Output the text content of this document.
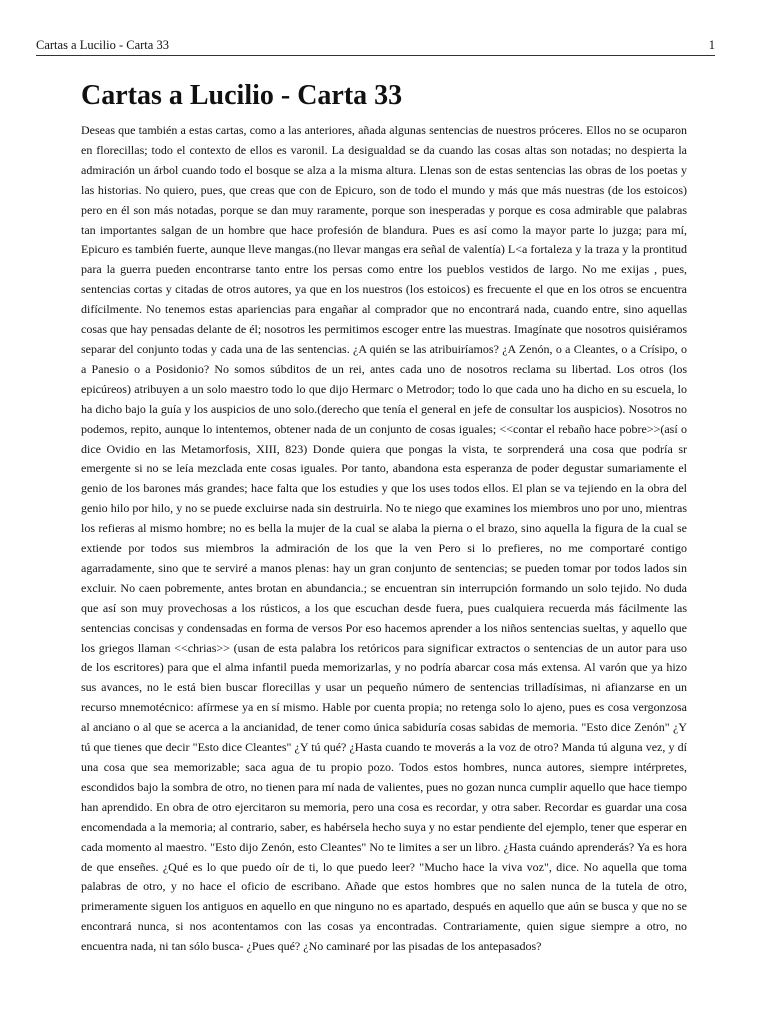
Cartas a Lucilio - Carta 33	1
Cartas a Lucilio - Carta 33

Deseas que también a estas cartas, como a las anteriores, añada algunas sentencias de nuestros próceres. Ellos no se ocuparon en florecillas; todo el contexto de ellos es varonil. La desigualdad se da cuando las cosas altas son notadas; no despierta la admiración un árbol cuando todo el bosque se alza a la misma altura. Llenas son de estas sentencias las obras de los poetas y las historias. No quiero, pues, que creas que con de Epicuro, son de todo el mundo y más que más nuestras (de los estoicos) pero en él son más notadas, porque se dan muy raramente, porque son inesperadas y porque es cosa admirable que palabras tan importantes salgan de un hombre que hace profesión de blandura. Pues es así como la mayor parte lo juzga; para mí, Epicuro es también fuerte, aunque lleve mangas.(no llevar mangas era señal de valentía) L<a fortaleza y la traza y la prontitud para la guerra pueden encontrarse tanto entre los persas como entre los pueblos vestidos de largo. No me exijas , pues, sentencias cortas y citadas de otros autores, ya que en los nuestros (los estoicos) es frecuente el que en los otros se encuentra difícilmente. No tenemos estas apariencias para engañar al comprador que no encontrará nada, cuando entre, sino aquellas cosas que hay pensadas delante de él; nosotros les permitimos escoger entre las muestras. Imagínate que nosotros quisiéramos separar del conjunto todas y cada una de las sentencias. ¿A quién se las atribuiríamos? ¿A Zenón, o a Cleantes, o a Crísipo, o a Panesio o a Posidonio? No somos súbditos de un rei, antes cada uno de nosotros reclama su libertad. Los otros (los epicúreos) atribuyen a un solo maestro todo lo que dijo Hermarc o Metrodor; todo lo que cada uno ha dicho en su escuela, lo ha dicho bajo la guía y los auspicios de uno solo.(derecho que tenía el general en jefe de consultar los auspicios). Nosotros no podemos, repito, aunque lo intentemos, obtener nada de un conjunto de cosas iguales; <<contar el rebaño hace pobre>>(así o dice Ovidio en las Metamorfosis, XIII, 823) Donde quiera que pongas la vista, te sorprenderá una cosa que podría sr emergente si no se leía mezclada ente cosas iguales. Por tanto, abandona esta esperanza de poder degustar sumariamente el genio de los barones más grandes; hace falta que los estudies y que los uses todos ellos. El plan se va tejiendo en la obra del genio hilo por hilo, y no se puede excluirse nada sin destruirla. No te niego que examines los miembros uno por uno, mientras los refieras al mismo hombre; no es bella la mujer de la cual se alaba la pierna o el brazo, sino aquella la figura de la cual se extiende por todos sus miembros la admiración de los que la ven Pero si lo prefieres, no me comportaré contigo agarradamente, sino que te serviré a manos plenas: hay un gran conjunto de sentencias; se pueden tomar por todos lados sin excluir. No caen pobremente, antes brotan en abundancia.; se encuentran sin interrupción formando un solo tejido. No duda que así son muy provechosas a los rústicos, a los que escuchan desde fuera, pues cualquiera recuerda más fácilmente las sentencias concisas y condensadas en forma de versos Por eso hacemos aprender a los niños sentencias sueltas, y aquello que los griegos llaman <<chrias>> (usan de esta palabra los retóricos para significar extractos o sentencias de un autor para uso de los escritores) para que el alma infantil pueda memorizarlas, y no podría abarcar cosa más extensa. Al varón que ya hizo sus avances, no le está bien buscar florecillas y usar un pequeño número de sentencias trilladísimas, ni afianzarse en un recurso mnemotécnico: afírmese ya en sí mismo. Hable por cuenta propia; no retenga solo lo ajeno, pues es cosa vergonzosa al anciano o al que se acerca a la ancianidad, de tener como única sabiduría cosas sabidas de memoria. "Esto dice Zenón" ¿Y tú que tienes que decir "Esto dice Cleantes" ¿Y tú qué? ¿Hasta cuando te moverás a la voz de otro? Manda tú alguna vez, y dí una cosa que sea memorizable; saca agua de tu propio pozo. Todos estos hombres, nunca autores, siempre intérpretes, escondidos bajo la sombra de otro, no tienen para mí nada de valientes, pues no gozan nunca cumplir aquello que hace tiempo han aprendido. En obra de otro ejercitaron su memoria, pero una cosa es recordar, y otra saber. Recordar es guardar una cosa encomendada a la memoria; al contrario, saber, es habérsela hecho suya y no estar pendiente del ejemplo, tener que esperar en cada momento al maestro. "Esto dijo Zenón, esto Cleantes" No te limites a ser un libro. ¿Hasta cuándo aprenderás? Ya es hora de que enseñes. ¿Qué es lo que puedo oír de ti, lo que puedo leer? "Mucho hace la viva voz", dice. No aquella que toma palabras de otro, y no hace el oficio de escribano. Añade que estos hombres que no salen nunca de la tutela de otro, primeramente siguen los antiguos en aquello en que ninguno no es apartado, después en aquello que aún se busca y que no se encontrará nunca, si nos acontentamos con las cosas ya encontradas. Contrariamente, quien sigue siempre a otro, no encuentra nada, ni tan sólo busca- ¿Pues qué? ¿No caminaré por las pisadas de los antepasados?
